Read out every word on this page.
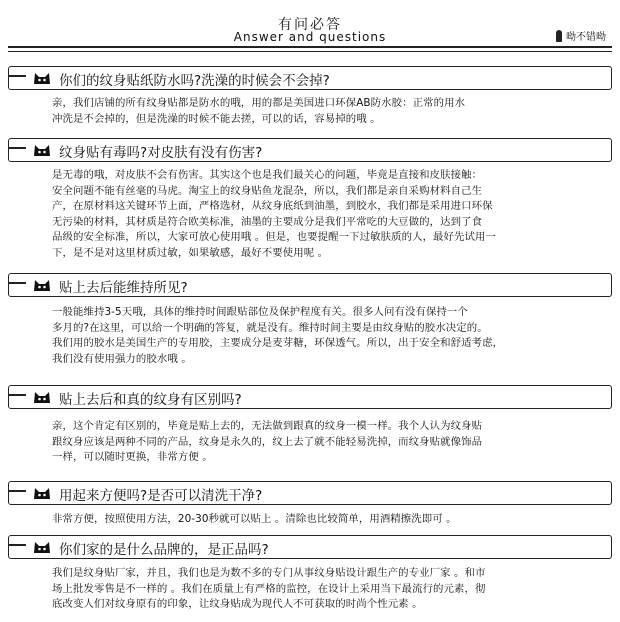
有问必答
Answer and questions	呦不错呦
你们的纹身贴纸防水吗?洗澡的时候会不会掉?
亲，我们店铺的所有纹身贴都是防水的哦，用的都是美国进口环保AB防水胶：正常的用水
冲洗是不会掉的，但是洗澡的时候不能去搓，可以的话，容易掉的哦 。
纹身贴有毒吗?对皮肤有没有伤害?
是无毒的哦，对皮肤不会有伤害。其实这个也是我们最关心的问题，毕竟是直接和皮肤接触：
安全问题不能有丝毫的马虎。淘宝上的纹身贴鱼龙混杂，所以，我们都是亲自采购材料自己生
产，在原材料这关键环节上面，严格选材，从纹身底纸到油墨，到胶水，我们都是采用进口环保
无污染的材料，其材质是符合欧美标准，油墨的主要成分是我们平常吃的大豆做的，达到了食
品级的安全标准，所以，大家可放心使用哦 。但是，也要提醒一下过敏肤质的人，最好先试用一
下，是不是对这里材质过敏，如果敏感，最好不要使用呢 。
贴上去后能维持所见?
一般能维持3-5天哦，具体的维持时间跟贴部位及保护程度有关。很多人问有没有保持一个
多月的?在这里，可以给一个明确的答复，就是没有。维持时间主要是由纹身贴的胶水决定的。
我们用的胶水是美国生产的专用胶，主要成分是麦芽糖，环保透气。所以，出于安全和舒适考虑，
我们没有使用强力的胶水哦 。
贴上去后和真的纹身有区别吗?
亲，这个肯定有区别的，毕竟是贴上去的，无法做到跟真的纹身一模一样。我个人认为纹身贴
跟纹身应该是两种不同的产品，纹身是永久的，纹上去了就不能轻易洗掉，而纹身贴就像饰品
一样，可以随时更换，非常方便 。
用起来方便吗?是否可以清洗干净?
非常方便，按照使用方法，20-30秒就可以贴上 。清除也比较简单，用酒精擦洗即可 。
你们家的是什么品牌的，是正品吗?
我们是纹身贴厂家，并且，我们也是为数不多的专门从事纹身贴设计跟生产的专业厂家 。和市
场上批发零售是不一样的 。我们在质量上有严格的监控，在设计上采用当下最流行的元素，彻
底改变人们对纹身原有的印象，让纹身贴成为现代人不可获取的时尚个性元素 。
